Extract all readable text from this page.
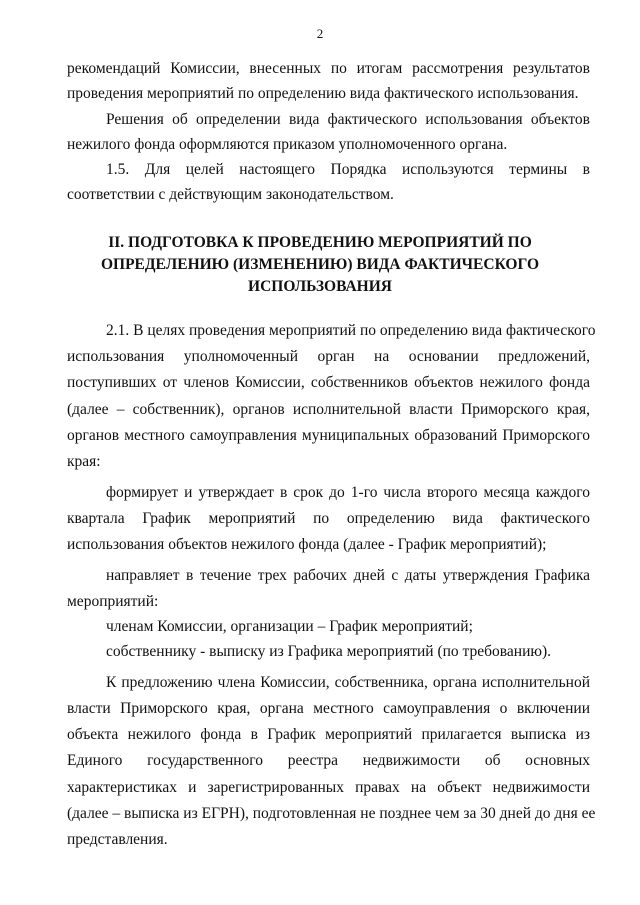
2
рекомендаций Комиссии, внесенных по итогам рассмотрения результатов
проведения мероприятий по определению вида фактического использования.
Решения об определении вида фактического использования объектов
нежилого фонда оформляются приказом уполномоченного органа.
1.5. Для целей настоящего Порядка используются термины в
соответствии с действующим законодательством.
II. ПОДГОТОВКА К ПРОВЕДЕНИЮ МЕРОПРИЯТИЙ ПО
ОПРЕДЕЛЕНИЮ (ИЗМЕНЕНИЮ) ВИДА ФАКТИЧЕСКОГО
ИСПОЛЬЗОВАНИЯ
2.1. В целях проведения мероприятий по определению вида фактического
использования уполномоченный орган на основании предложений,
поступивших от членов Комиссии, собственников объектов нежилого фонда
(далее – собственник), органов исполнительной власти Приморского края,
органов местного самоуправления муниципальных образований Приморского
края:
формирует и утверждает в срок до 1-го числа второго месяца каждого
квартала График мероприятий по определению вида фактического
использования объектов нежилого фонда (далее - График мероприятий);
направляет в течение трех рабочих дней с даты утверждения Графика
мероприятий:
членам Комиссии, организации – График мероприятий;
собственнику - выписку из Графика мероприятий (по требованию).
К предложению члена Комиссии, собственника, органа исполнительной
власти Приморского края, органа местного самоуправления о включении
объекта нежилого фонда в График мероприятий прилагается выписка из
Единого государственного реестра недвижимости об основных
характеристиках и зарегистрированных правах на объект недвижимости
(далее – выписка из ЕГРН), подготовленная не позднее чем за 30 дней до дня ее
представления.
